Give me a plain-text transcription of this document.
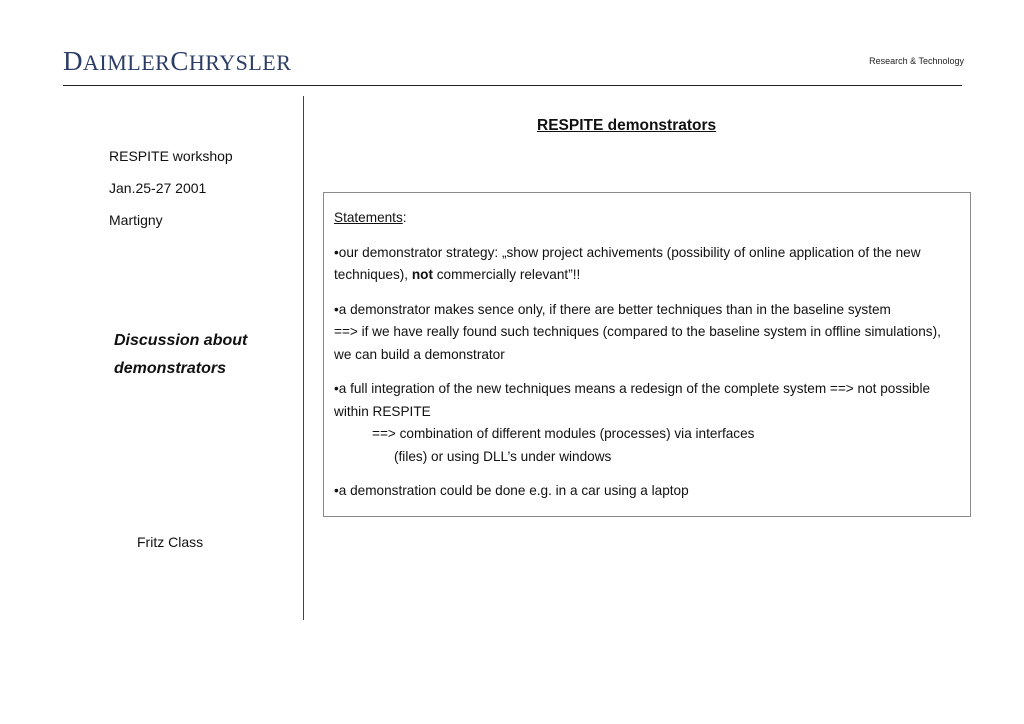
DAIMLERCHRYSLER	Research & Technology
RESPITE workshop
Jan.25-27 2001
Martigny
Discussion about
demonstrators
Fritz Class
RESPITE demonstrators

Statements:

•our demonstrator strategy: „show project achivements (possibility of online application of the new techniques), not commercially relevant”!!

•a demonstrator makes sence only, if there are better techniques than in the baseline system
==> if we have really found such techniques (compared to the baseline system in offline simulations), we can build a demonstrator

•a full integration of the new techniques means a redesign of the complete system ==> not possible within RESPITE
==> combination of different modules (processes) via interfaces
(files) or using DLL’s under windows

•a demonstration could be done e.g. in a car using a laptop
